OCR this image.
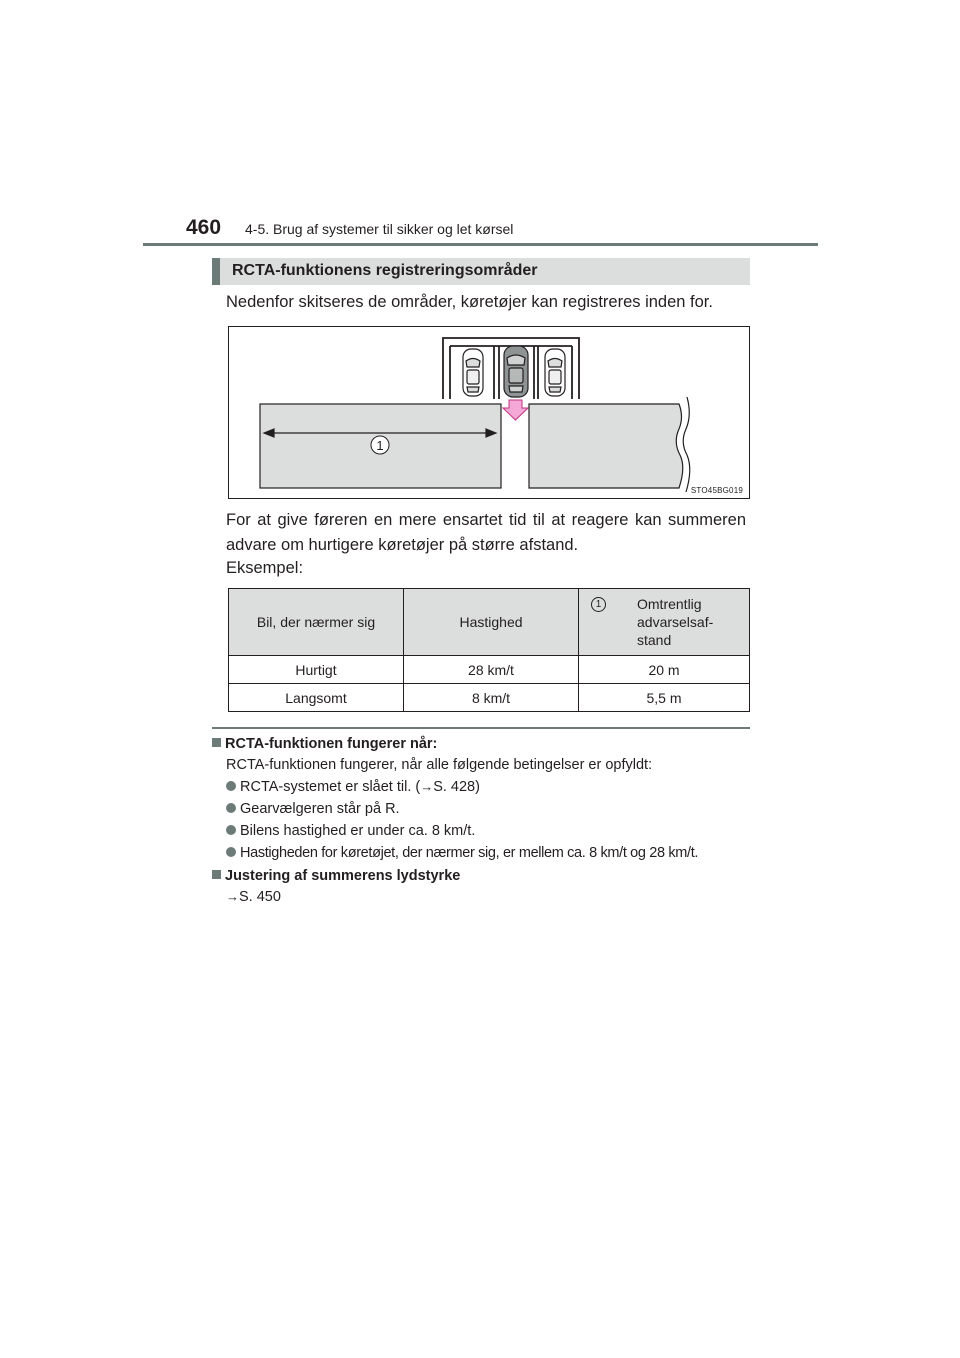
460 4-5. Brug af systemer til sikker og let kørsel
RCTA-funktionens registreringsområder
Nedenfor skitseres de områder, køretøjer kan registreres inden for.
1
STO45BG019
For at give føreren en mere ensartet tid til at reagere kan summeren advare om hurtigere køretøjer på større afstand.
Eksempel:
Bil, der nærmer sig	Hastighed	1 Omtrentlig
advarselsaf-
stand

Hurtigt	28 km/t	20 m
Langsomt	8 km/t	5,5 m
RCTA-funktionen fungerer når:
RCTA-funktionen fungerer, når alle følgende betingelser er opfyldt:
RCTA-systemet er slået til. (→S. 428)
Gearvælgeren står på R.
Bilens hastighed er under ca. 8 km/t.
Hastigheden for køretøjet, der nærmer sig, er mellem ca. 8 km/t og 28 km/t.
Justering af summerens lydstyrke
→S. 450
